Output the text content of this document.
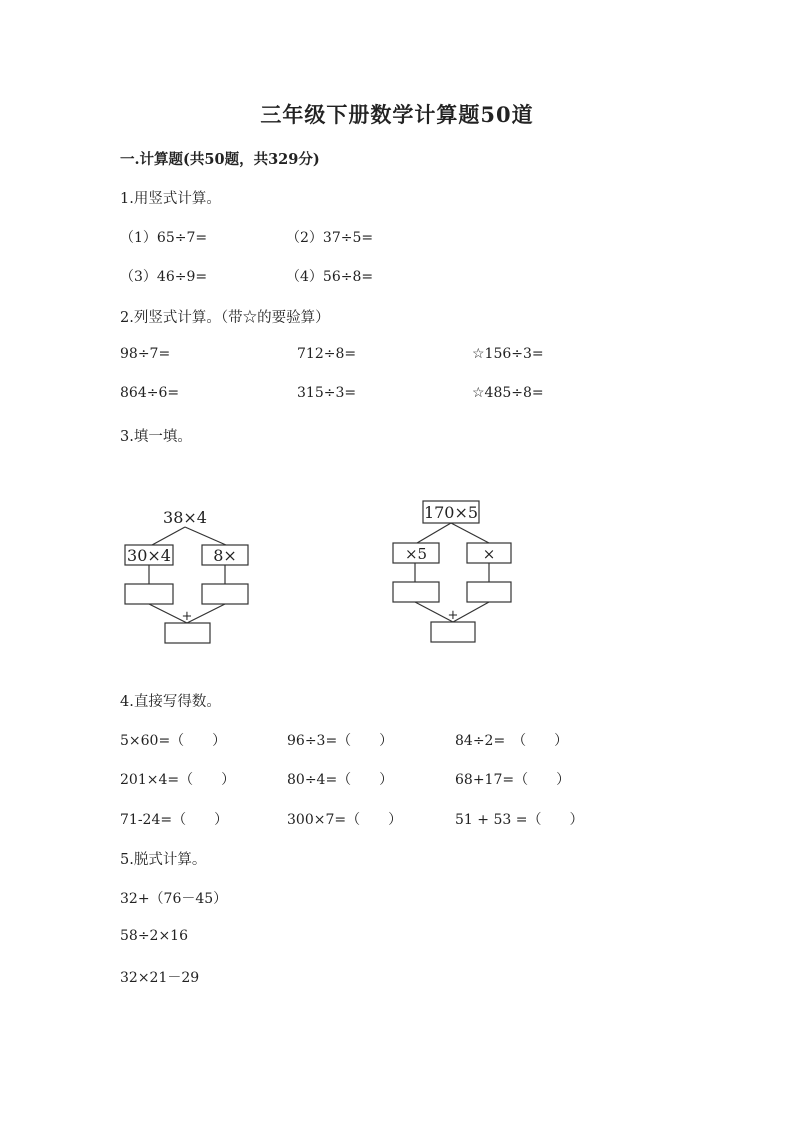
三年级下册数学计算题50道
一.计算题(共50题，共329分)
1.用竖式计算。
（1）65÷7=	（2）37÷5=
（3）46÷9=	（4）56÷8=
2.列竖式计算。（带☆的要验算）
98÷7=	712÷8=	☆156÷3=
864÷6=	315÷3=	☆485÷8=
3.填一填。
38×4
30×4	8×
+
170×5
×5	×
+
4.直接写得数。
5×60=（　　）	96÷3=（　　）	84÷2=　（　　）
201×4=（　　）	80÷4=（　　）	68+17=（　　）
71-24=（　　）	300×7=（　　）	51 + 53 =（　　）
5.脱式计算。
32+（76－45）
58÷2×16
32×21－29
